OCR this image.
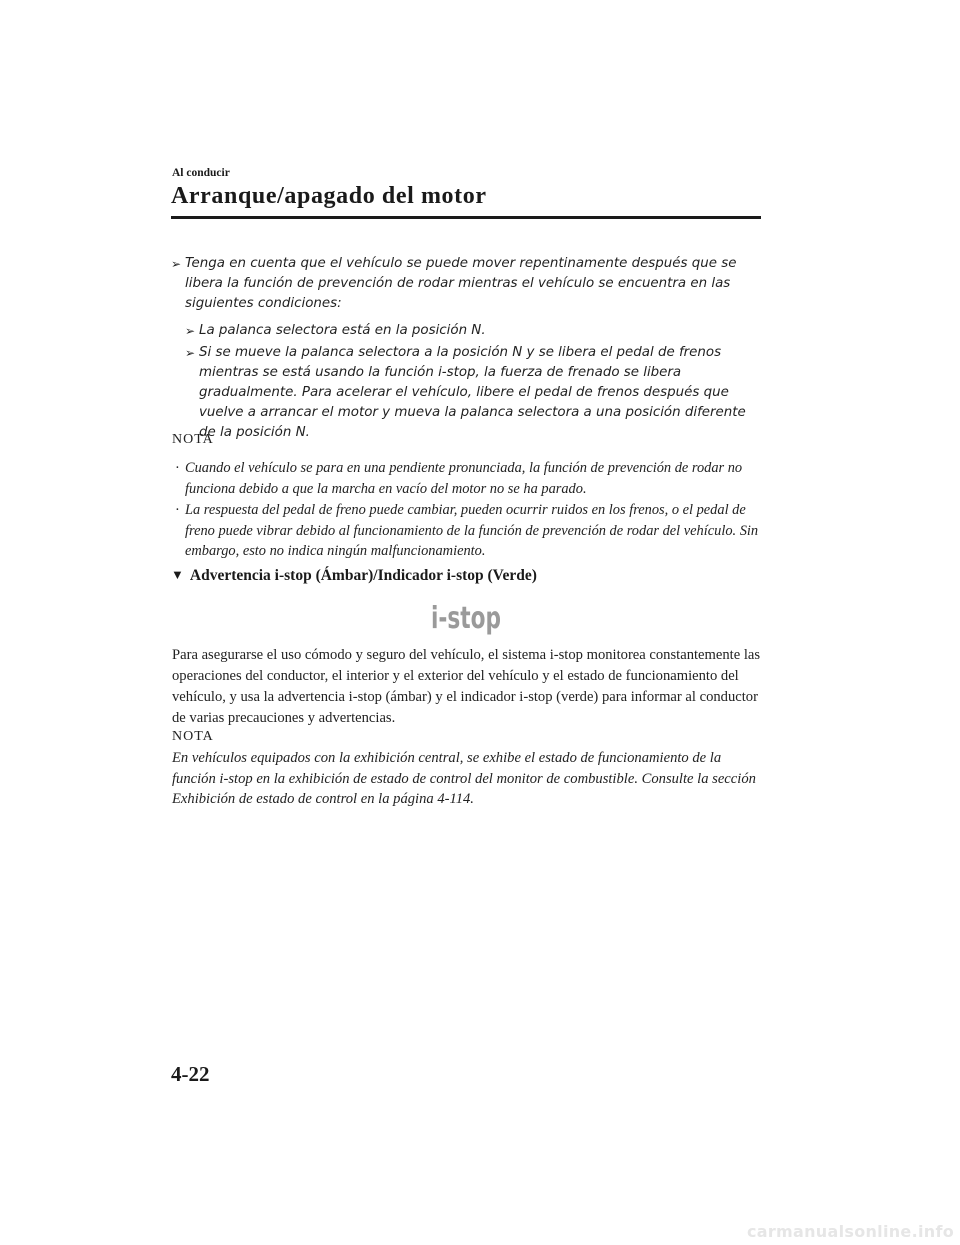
Al conducir
Arranque/apagado del motor
➢ Tenga en cuenta que el vehículo se puede mover repentinamente después que se libera la función de prevención de rodar mientras el vehículo se encuentra en las siguientes condiciones:
➢ La palanca selectora está en la posición N.
➢ Si se mueve la palanca selectora a la posición N y se libera el pedal de frenos mientras se está usando la función i-stop, la fuerza de frenado se libera gradualmente. Para acelerar el vehículo, libere el pedal de frenos después que vuelve a arrancar el motor y mueva la palanca selectora a una posición diferente de la posición N.
NOTA
· Cuando el vehículo se para en una pendiente pronunciada, la función de prevención de rodar no funciona debido a que la marcha en vacío del motor no se ha parado.
· La respuesta del pedal de freno puede cambiar, pueden ocurrir ruidos en los frenos, o el pedal de freno puede vibrar debido al funcionamiento de la función de prevención de rodar del vehículo. Sin embargo, esto no indica ningún malfuncionamiento.
▼ Advertencia i-stop (Ámbar)/Indicador i-stop (Verde)
i-stop
Para asegurarse el uso cómodo y seguro del vehículo, el sistema i-stop monitorea constantemente las operaciones del conductor, el interior y el exterior del vehículo y el estado de funcionamiento del vehículo, y usa la advertencia i-stop (ámbar) y el indicador i-stop (verde) para informar al conductor de varias precauciones y advertencias.
NOTA
En vehículos equipados con la exhibición central, se exhibe el estado de funcionamiento de la función i-stop en la exhibición de estado de control del monitor de combustible. Consulte la sección Exhibición de estado de control en la página 4-114.
4-22
carmanualsonline.info
